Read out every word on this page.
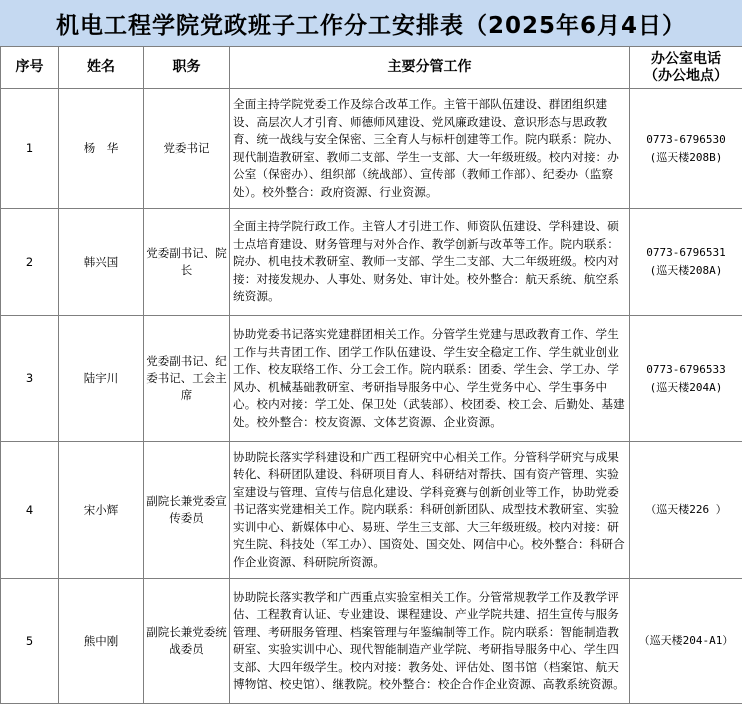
机电工程学院党政班子工作分工安排表（2025年6月4日）
序号	姓名	职务	主要分管工作	办公室电话
（办公地点）

1	杨　华	党委书记	全面主持学院党委工作及综合改革工作。主管干部队伍建设、群团组织建设、高层次人才引育、师德师风建设、党风廉政建设、意识形态与思政教育、统一战线与安全保密、三全育人与标杆创建等工作。院内联系：院办、现代制造教研室、教师二支部、学生一支部、大一年级班级。校内对接：办公室（保密办）、组织部（统战部）、宣传部（教师工作部）、纪委办（监察处）。校外整合：政府资源、行业资源。	0773-6796530
(巡天楼208B)

2	韩兴国	党委副书记、院长	全面主持学院行政工作。主管人才引进工作、师资队伍建设、学科建设、硕士点培育建设、财务管理与对外合作、教学创新与改革等工作。院内联系：院办、机电技术教研室、教师一支部、学生二支部、大二年级班级。校内对接：对接发规办、人事处、财务处、审计处。校外整合：航天系统、航空系统资源。	0773-6796531
(巡天楼208A)

3	陆宇川	党委副书记、纪委书记、工会主席	协助党委书记落实党建群团相关工作。分管学生党建与思政教育工作、学生工作与共青团工作、团学工作队伍建设、学生安全稳定工作、学生就业创业工作、校友联络工作、分工会工作。院内联系：团委、学生会、学工办、学风办、机械基础教研室、考研指导服务中心、学生党务中心、学生事务中心。校内对接：学工处、保卫处（武装部）、校团委、校工会、后勤处、基建处。校外整合：校友资源、文体艺资源、企业资源。	0773-6796533
(巡天楼204A)

4	宋小辉	副院长兼党委宣传委员	协助院长落实学科建设和广西工程研究中心相关工作。分管科学研究与成果转化、科研团队建设、科研项目育人、科研结对帮扶、国有资产管理、实验室建设与管理、宣传与信息化建设、学科竞赛与创新创业等工作，协助党委书记落实党建相关工作。院内联系：科研创新团队、成型技术教研室、实验实训中心、新媒体中心、易班、学生三支部、大三年级班级。校内对接：研究生院、科技处（军工办）、国资处、国交处、网信中心。校外整合：科研合作企业资源、科研院所资源。	（巡天楼226 ）

5	熊中刚	副院长兼党委统战委员	协助院长落实教学和广西重点实验室相关工作。分管常规教学工作及教学评估、工程教育认证、专业建设、课程建设、产业学院共建、招生宣传与服务管理、考研服务管理、档案管理与年鉴编制等工作。院内联系：智能制造教研室、实验实训中心、现代智能制造产业学院、考研指导服务中心、学生四支部、大四年级学生。校内对接：教务处、评估处、图书馆（档案馆、航天博物馆、校史馆）、继教院。校外整合：校企合作企业资源、高教系统资源。	（巡天楼204-A1）
